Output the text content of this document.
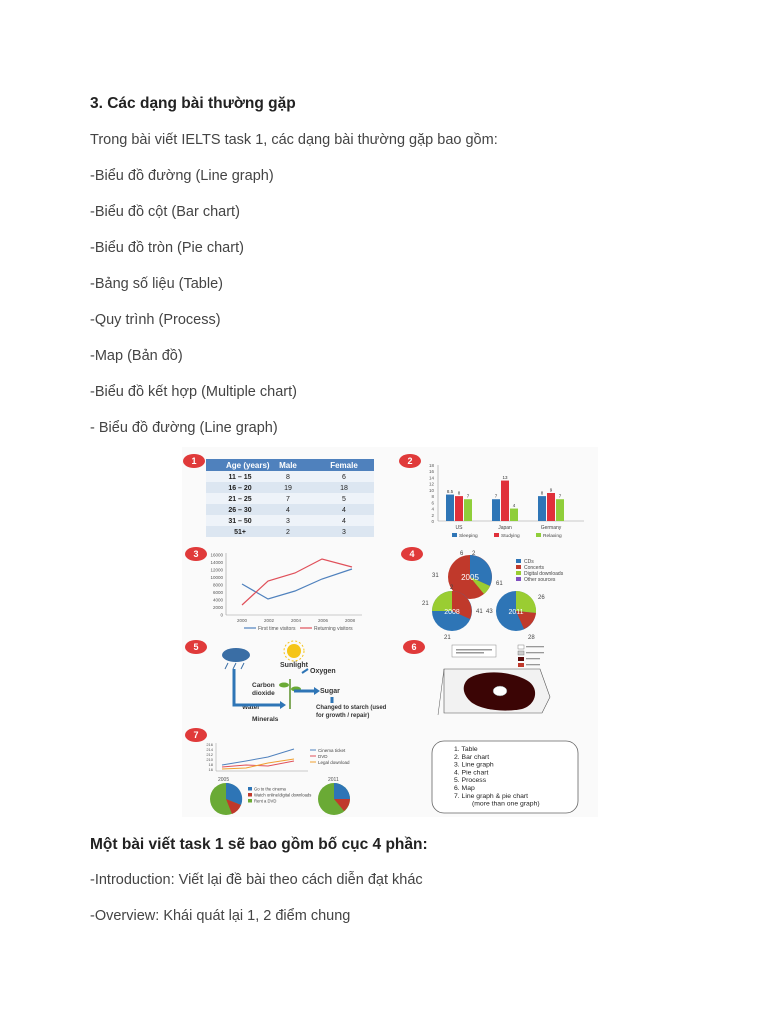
3. Các dạng bài thường gặp
Trong bài viết IELTS task 1, các dạng bài thường gặp bao gồm:
-Biểu đồ đường (Line graph)
-Biểu đồ cột (Bar chart)
-Biểu đồ tròn (Pie chart)
-Bảng số liệu (Table)
-Quy trình (Process)
-Map (Bản đồ)
-Biểu đồ kết hợp (Multiple chart)
- Biểu đồ đường (Line graph)
1	2
3	4
5	6
7
Age (years) Male	Female
11 – 15	8	6
16 – 20	19	18
21 – 25	7	5
26 – 30	4	4
31 – 50	3	4
51+	2	3
0
2
4
6
8
10
12
14
16
18
8.5 8
7	7
13
4
8
9
7
US	Japan	Germany
Sleeping	Studying	Relaxing
0
2000
4000
6000
8000
10000
12000
14000
16000
2000	2002	2004	2006	2008
First time visitors	Returning visitors
2005
6 2
31
61
CDs
Concerts
Digital downloads
Other sources
2008
21
2
41
21
2011
43
26
28
Sunlight
Oxygen
Carbon
dioxide	Sugar
Water	Changed to starch (used
for growth / repair)
Minerals
216
214
212
210
18
16
Cinema ticket
DVD
Legal download
2005
Go to the cinema
Watch online/digital downloads
Rent a DVD
2011
1. Table
2. Bar chart
3. Line graph
4. Pie chart
5. Process
6. Map
7. Line graph & pie chart
(more than one graph)
Một bài viết task 1 sẽ bao gồm bố cục 4 phần:
-Introduction: Viết lại đề bài theo cách diễn đạt khác
-Overview: Khái quát lại 1, 2 điểm chung
